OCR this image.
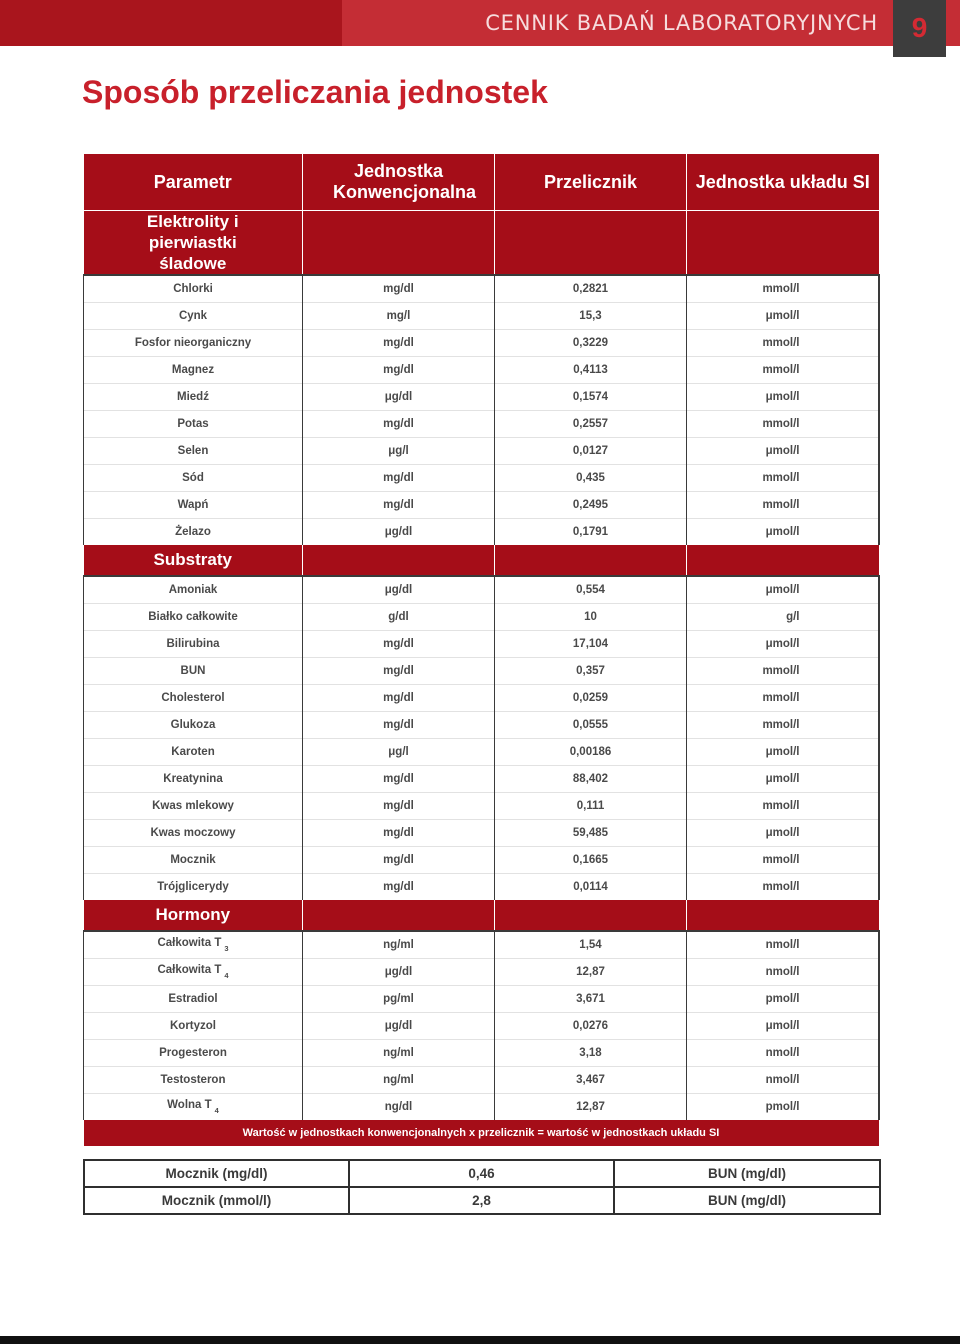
CENNIK BADAŃ LABORATORYJNYCH	9
Sposób przeliczania jednostek
Parametr	Jednostka Konwencjonalna	Przelicznik	Jednostka układu SI
Elektrolity i pierwiastki śladowe			
Chlorki	mg/dl	0,2821	mmol/l
Cynk	mg/l	15,3	μmol/l
Fosfor nieorganiczny	mg/dl	0,3229	mmol/l
Magnez	mg/dl	0,4113	mmol/l
Miedź	μg/dl	0,1574	μmol/l
Potas	mg/dl	0,2557	mmol/l
Selen	μg/l	0,0127	μmol/l
Sód	mg/dl	0,435	mmol/l
Wapń	mg/dl	0,2495	mmol/l
Żelazo	μg/dl	0,1791	μmol/l
Substraty			
Amoniak	μg/dl	0,554	μmol/l
Białko całkowite	g/dl	10	g/l
Bilirubina	mg/dl	17,104	μmol/l
BUN	mg/dl	0,357	mmol/l
Cholesterol	mg/dl	0,0259	mmol/l
Glukoza	mg/dl	0,0555	mmol/l
Karoten	μg/l	0,00186	μmol/l
Kreatynina	mg/dl	88,402	μmol/l
Kwas mlekowy	mg/dl	0,111	mmol/l
Kwas moczowy	mg/dl	59,485	μmol/l
Mocznik	mg/dl	0,1665	mmol/l
Trójglicerydy	mg/dl	0,0114	mmol/l
Hormony			
Całkowita T $_3$	ng/ml	1,54	nmol/l
Całkowita T $_4$	μg/dl	12,87	nmol/l
Estradiol	pg/ml	3,671	pmol/l
Kortyzol	μg/dl	0,0276	μmol/l
Progesteron	ng/ml	3,18	nmol/l
Testosteron	ng/ml	3,467	nmol/l
Wolna T $_4$	ng/dl	12,87	pmol/l
Wartość w jednostkach konwencjonalnych x przelicznik = wartość w jednostkach układu SI			
Mocznik (mg/dl)	0,46	BUN (mg/dl)
Mocznik (mmol/l)	2,8	BUN (mg/dl)
